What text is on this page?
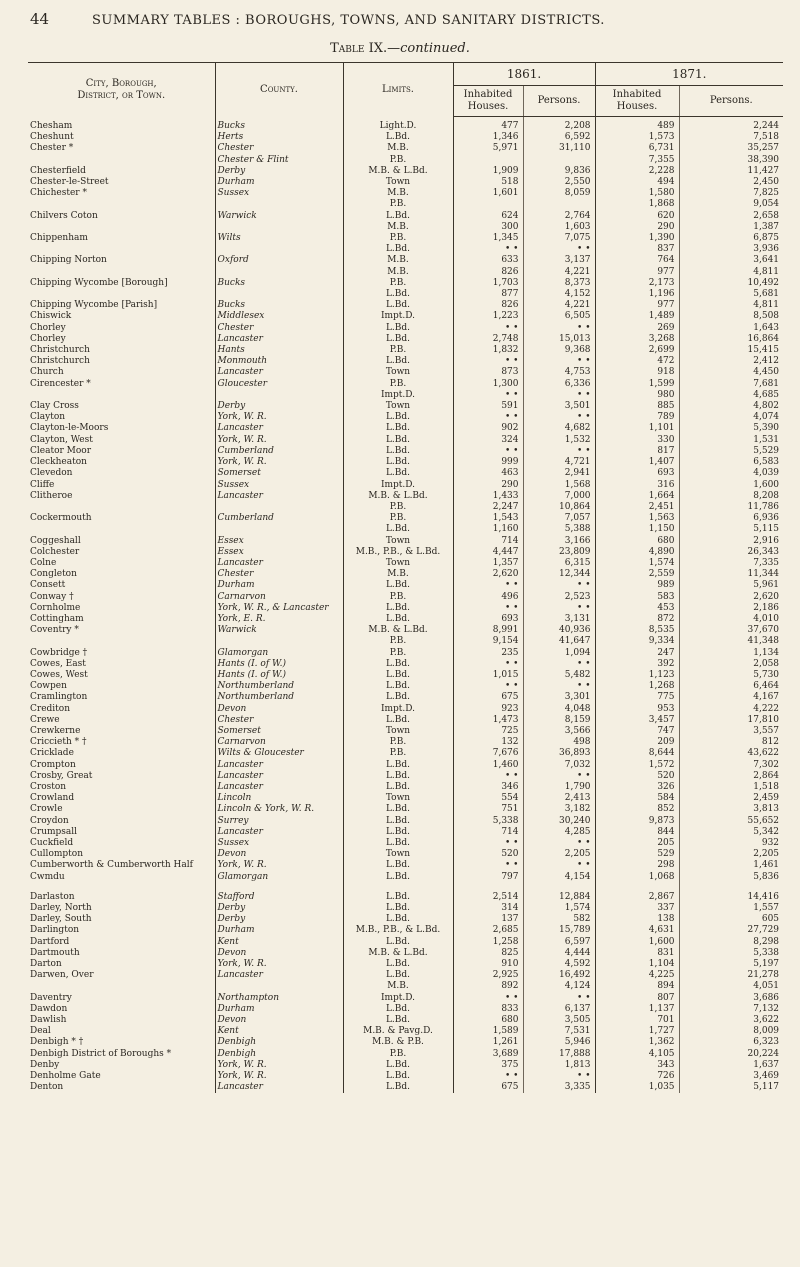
44	SUMMARY TABLES : BOROUGHS, TOWNS, AND SANITARY DISTRICTS.
Table IX.—continued.
City, Borough,
District, or Town.	County.	Limits.	1861.		1871.	
			Inhabited Houses.	Persons.	Inhabited Houses.	Persons.
Chesham	Bucks	Light.D.	477	2,208	489	2,244
Cheshunt	Herts	L.Bd.	1,346	6,592	1,573	7,518
Chester *	Chester	M.B.	5,971	31,110	6,731	35,257
	Chester & Flint	P.B.			7,355	38,390
Chesterfield	Derby	M.B. & L.Bd.	1,909	9,836	2,228	11,427
Chester-le-Street	Durham	Town	518	2,550	494	2,450
Chichester *	Sussex	M.B.	1,601	8,059	1,580	7,825
		P.B.			1,868	9,054
Chilvers Coton	Warwick	L.Bd.	624	2,764	620	2,658
		M.B.	300	1,603	290	1,387
Chippenham	Wilts	P.B.	1,345	7,075	1,390	6,875
		L.Bd.	• •	• •	837	3,936
Chipping Norton	Oxford	M.B.	633	3,137	764	3,641
		M.B.	826	4,221	977	4,811
Chipping Wycombe [Borough]	Bucks	P.B.	1,703	8,373	2,173	10,492
		L.Bd.	877	4,152	1,196	5,681
Chipping Wycombe [Parish]	Bucks	L.Bd.	826	4,221	977	4,811
Chiswick	Middlesex	Impt.D.	1,223	6,505	1,489	8,508
Chorley	Chester	L.Bd.	• •	• •	269	1,643
Chorley	Lancaster	L.Bd.	2,748	15,013	3,268	16,864
Christchurch	Hants	P.B.	1,832	9,368	2,699	15,415
Christchurch	Monmouth	L.Bd.	• •	• •	472	2,412
Church	Lancaster	Town	873	4,753	918	4,450
Cirencester *	Gloucester	P.B.	1,300	6,336	1,599	7,681
		Impt.D.	• •	• •	980	4,685
Clay Cross	Derby	Town	591	3,501	885	4,802
Clayton	York, W. R.	L.Bd.	• •	• •	789	4,074
Clayton-le-Moors	Lancaster	L.Bd.	902	4,682	1,101	5,390
Clayton, West	York, W. R.	L.Bd.	324	1,532	330	1,531
Cleator Moor	Cumberland	L.Bd.	• •	• •	817	5,529
Cleckheaton	York, W. R.	L.Bd.	999	4,721	1,407	6,583
Clevedon	Somerset	L.Bd.	463	2,941	693	4,039
Cliffe	Sussex	Impt.D.	290	1,568	316	1,600
Clitheroe	Lancaster	M.B. & L.Bd.	1,433	7,000	1,664	8,208
		P.B.	2,247	10,864	2,451	11,786
Cockermouth	Cumberland	P.B.	1,543	7,057	1,563	6,936
		L.Bd.	1,160	5,388	1,150	5,115
Coggeshall	Essex	Town	714	3,166	680	2,916
Colchester	Essex	M.B., P.B., & L.Bd.	4,447	23,809	4,890	26,343
Colne	Lancaster	Town	1,357	6,315	1,574	7,335
Congleton	Chester	M.B.	2,620	12,344	2,559	11,344
Consett	Durham	L.Bd.	• •	• •	989	5,961
Conway †	Carnarvon	P.B.	496	2,523	583	2,620
Cornholme	York, W. R., & Lancaster	L.Bd.	• •	• •	453	2,186
Cottingham	York, E. R.	L.Bd.	693	3,131	872	4,010
Coventry *	Warwick	M.B. & L.Bd.	8,991	40,936	8,535	37,670
		P.B.	9,154	41,647	9,334	41,348
Cowbridge †	Glamorgan	P.B.	235	1,094	247	1,134
Cowes, East	Hants (I. of W.)	L.Bd.	• •	• •	392	2,058
Cowes, West	Hants (I. of W.)	L.Bd.	1,015	5,482	1,123	5,730
Cowpen	Northumberland	L.Bd.	• •	• •	1,268	6,464
Cramlington	Northumberland	L.Bd.	675	3,301	775	4,167
Crediton	Devon	Impt.D.	923	4,048	953	4,222
Crewe	Chester	L.Bd.	1,473	8,159	3,457	17,810
Crewkerne	Somerset	Town	725	3,566	747	3,557
Criccieth * †	Carnarvon	P.B.	132	498	209	812
Cricklade	Wilts & Gloucester	P.B.	7,676	36,893	8,644	43,622
Crompton	Lancaster	L.Bd.	1,460	7,032	1,572	7,302
Crosby, Great	Lancaster	L.Bd.	• •	• •	520	2,864
Croston	Lancaster	L.Bd.	346	1,790	326	1,518
Crowland	Lincoln	Town	554	2,413	584	2,459
Crowle	Lincoln & York, W. R.	L.Bd.	751	3,182	852	3,813
Croydon	Surrey	L.Bd.	5,338	30,240	9,873	55,652
Crumpsall	Lancaster	L.Bd.	714	4,285	844	5,342
Cuckfield	Sussex	L.Bd.	• •	• •	205	932
Cullompton	Devon	Town	520	2,205	529	2,205
Cumberworth & Cumberworth Half	York, W. R.	L.Bd.	• •	• •	298	1,461
Cwmdu	Glamorgan	L.Bd.	797	4,154	1,068	5,836

Darlaston	Stafford	L.Bd.	2,514	12,884	2,867	14,416
Darley, North	Derby	L.Bd.	314	1,574	337	1,557
Darley, South	Derby	L.Bd.	137	582	138	605
Darlington	Durham	M.B., P.B., & L.Bd.	2,685	15,789	4,631	27,729
Dartford	Kent	L.Bd.	1,258	6,597	1,600	8,298
Dartmouth	Devon	M.B. & L.Bd.	825	4,444	831	5,338
Darton	York, W. R.	L.Bd.	910	4,592	1,104	5,197
Darwen, Over	Lancaster	L.Bd.	2,925	16,492	4,225	21,278
		M.B.	892	4,124	894	4,051
Daventry	Northampton	Impt.D.	• •	• •	807	3,686
Dawdon	Durham	L.Bd.	833	6,137	1,137	7,132
Dawlish	Devon	L.Bd.	680	3,505	701	3,622
Deal	Kent	M.B. & Pavg.D.	1,589	7,531	1,727	8,009
Denbigh * †	Denbigh	M.B. & P.B.	1,261	5,946	1,362	6,323
Denbigh District of Boroughs *	Denbigh	P.B.	3,689	17,888	4,105	20,224
Denby	York, W. R.	L.Bd.	375	1,813	343	1,637
Denholme Gate	York, W. R.	L.Bd.	• •	• •	726	3,469
Denton	Lancaster	L.Bd.	675	3,335	1,035	5,117
